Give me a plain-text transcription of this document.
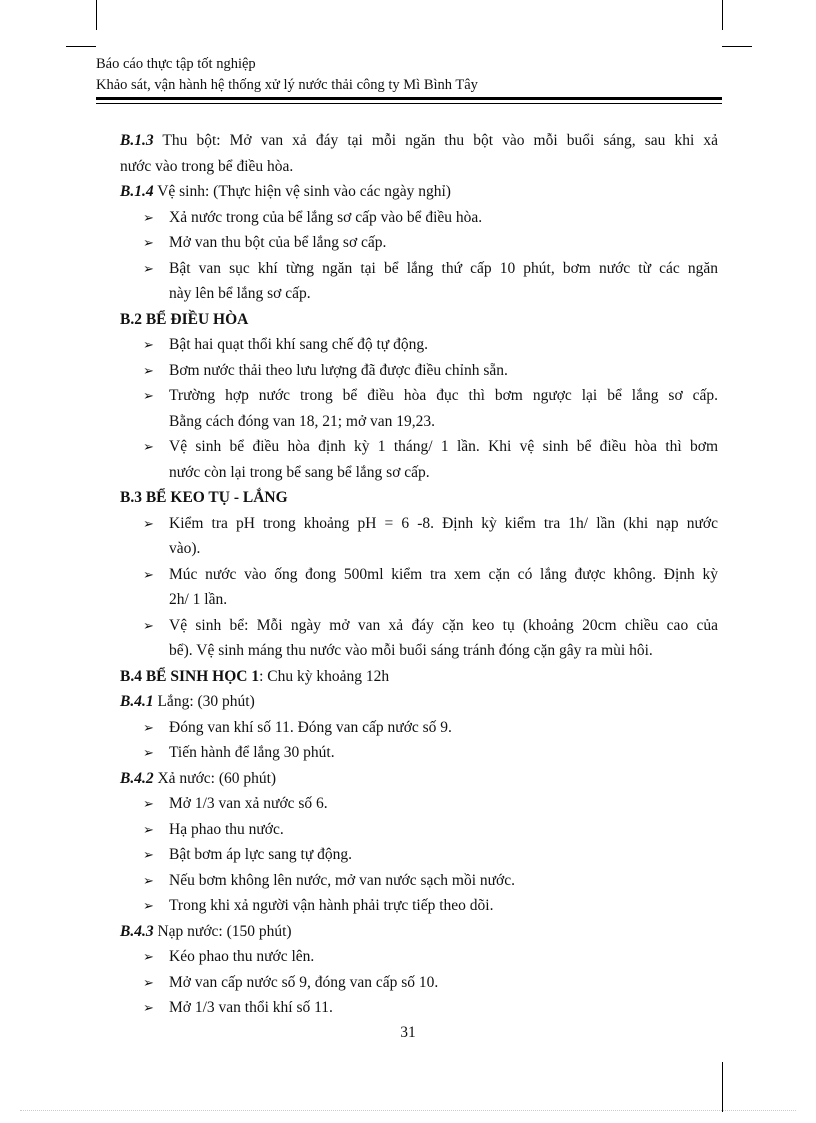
Báo cáo thực tập tốt nghiệp
Khảo sát, vận hành hệ thống xử lý nước thải công ty Mì Bình Tây
B.1.3 Thu bột: Mở van xả đáy tại mỗi ngăn thu bột vào mỗi buổi sáng, sau khi xả
nước vào trong bể điều hòa.
B.1.4 Vệ sinh: (Thực hiện vệ sinh vào các ngày nghỉ)
➢ Xả nước trong của bể lắng sơ cấp vào bể điều hòa.
➢ Mở van thu bột của bể lắng sơ cấp.
➢ Bật van sục khí từng ngăn tại bể lắng thứ cấp 10 phút, bơm nước từ các ngăn
này lên bể lắng sơ cấp.
B.2 BỂ ĐIỀU HÒA
➢ Bật hai quạt thổi khí sang chế độ tự động.
➢ Bơm nước thải theo lưu lượng đã được điều chỉnh sẵn.
➢ Trường hợp nước trong bể điều hòa đục thì bơm ngược lại bể lắng sơ cấp.
Bằng cách đóng van 18, 21; mở van 19,23.
➢ Vệ sinh bể điều hòa định kỳ 1 tháng/ 1 lần. Khi vệ sinh bể điều hòa thì bơm
nước còn lại trong bể sang bể lắng sơ cấp.
B.3 BỂ KEO TỤ - LẮNG
➢ Kiểm tra pH trong khoảng pH = 6 -8. Định kỳ kiểm tra 1h/ lần (khi nạp nước
vào).
➢ Múc nước vào ống đong 500ml kiểm tra xem cặn có lắng được không. Định kỳ
2h/ 1 lần.
➢ Vệ sinh bể: Mỗi ngày mở van xả đáy cặn keo tụ (khoảng 20cm chiều cao của
bể). Vệ sinh máng thu nước vào mỗi buổi sáng tránh đóng cặn gây ra mùi hôi.
B.4 BỂ SINH HỌC 1: Chu kỳ khoảng 12h
B.4.1 Lắng: (30 phút)
➢ Đóng van khí số 11. Đóng van cấp nước số 9.
➢ Tiến hành để lắng 30 phút.
B.4.2 Xả nước: (60 phút)
➢ Mở 1/3 van xả nước số 6.
➢ Hạ phao thu nước.
➢ Bật bơm áp lực sang tự động.
➢ Nếu bơm không lên nước, mở van nước sạch mồi nước.
➢ Trong khi xả người vận hành phải trực tiếp theo dõi.
B.4.3 Nạp nước: (150 phút)
➢ Kéo phao thu nước lên.
➢ Mở van cấp nước số 9, đóng van cấp số 10.
➢ Mở 1/3 van thổi khí số 11.
31
